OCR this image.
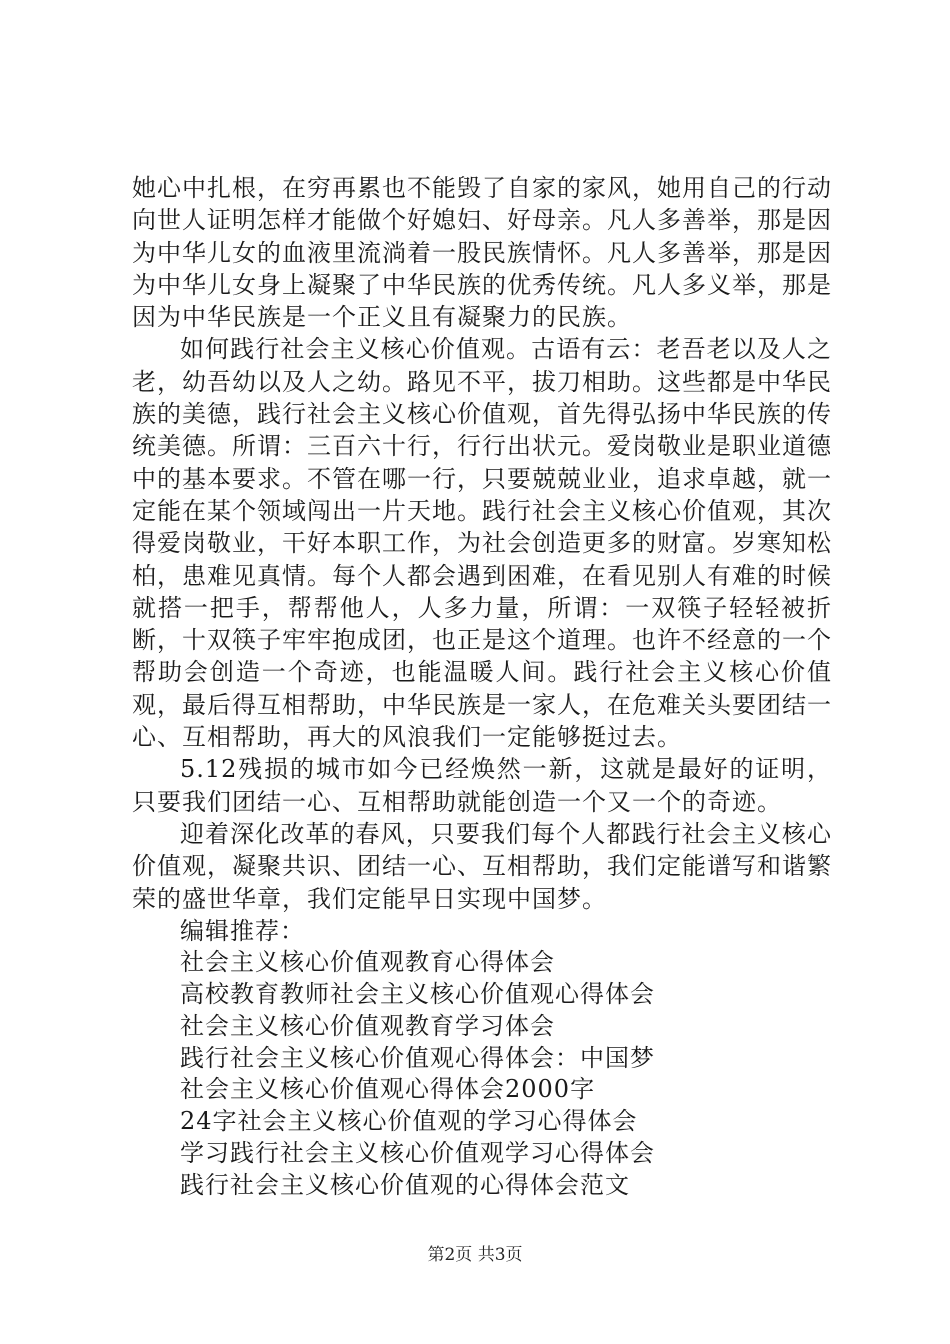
她心中扎根，在穷再累也不能毁了自家的家风，她用自己的行动向世人证明怎样才能做个好媳妇、好母亲。凡人多善举，那是因为中华儿女的血液里流淌着一股民族情怀。凡人多善举，那是因为中华儿女身上凝聚了中华民族的优秀传统。凡人多义举，那是因为中华民族是一个正义且有凝聚力的民族。

如何践行社会主义核心价值观。古语有云：老吾老以及人之老，幼吾幼以及人之幼。路见不平，拔刀相助。这些都是中华民族的美德，践行社会主义核心价值观，首先得弘扬中华民族的传统美德。所谓：三百六十行，行行出状元。爱岗敬业是职业道德中的基本要求。不管在哪一行，只要兢兢业业，追求卓越，就一定能在某个领域闯出一片天地。践行社会主义核心价值观，其次得爱岗敬业，干好本职工作，为社会创造更多的财富。岁寒知松柏，患难见真情。每个人都会遇到困难，在看见别人有难的时候就搭一把手，帮帮他人，人多力量，所谓：一双筷子轻轻被折断，十双筷子牢牢抱成团，也正是这个道理。也许不经意的一个帮助会创造一个奇迹，也能温暖人间。践行社会主义核心价值观，最后得互相帮助，中华民族是一家人，在危难关头要团结一心、互相帮助，再大的风浪我们一定能够挺过去。

5.12残损的城市如今已经焕然一新，这就是最好的证明，只要我们团结一心、互相帮助就能创造一个又一个的奇迹。

迎着深化改革的春风，只要我们每个人都践行社会主义核心价值观，凝聚共识、团结一心、互相帮助，我们定能谱写和谐繁荣的盛世华章，我们定能早日实现中国梦。

编辑推荐：

社会主义核心价值观教育心得体会
高校教育教师社会主义核心价值观心得体会
社会主义核心价值观教育学习体会
践行社会主义核心价值观心得体会：中国梦
社会主义核心价值观心得体会2000字
24字社会主义核心价值观的学习心得体会
学习践行社会主义核心价值观学习心得体会
践行社会主义核心价值观的心得体会范文
第2页 共3页
